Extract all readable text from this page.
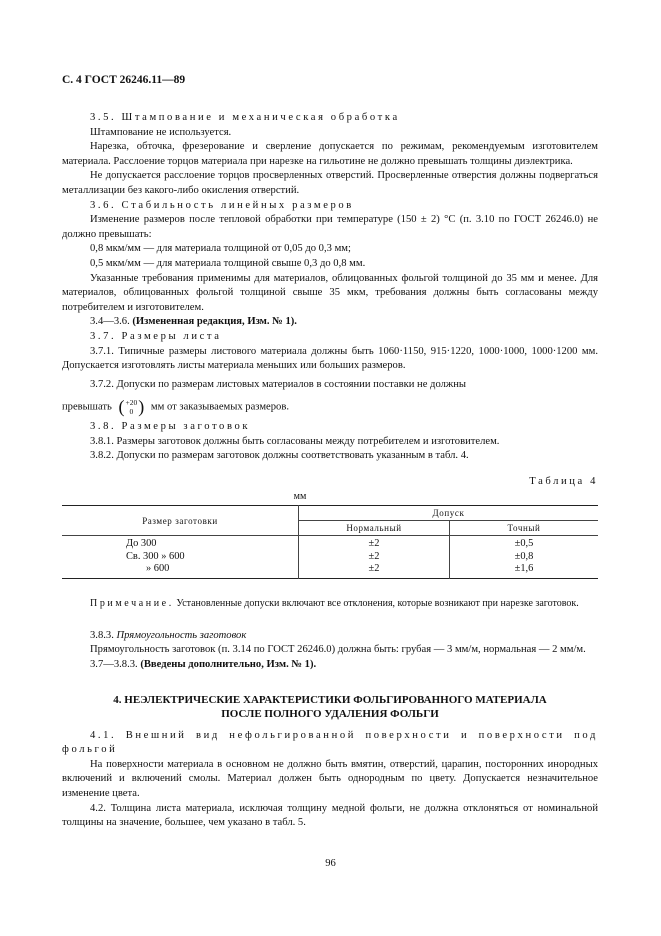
С. 4 ГОСТ 26246.11—89

3.5. Штампование и механическая обработка

Штампование не используется.

Нарезка, обточка, фрезерование и сверление допускается по режимам, рекомендуемым изготовителем материала. Расслоение торцов материала при нарезке на гильотине не должно превышать толщины диэлектрика.

Не допускается расслоение торцов просверленных отверстий. Просверленные отверстия должны подвергаться металлизации без какого-либо окисления отверстий.

3.6. Стабильность линейных размеров

Изменение размеров после тепловой обработки при температуре (150 ± 2) °С (п. 3.10 по ГОСТ 26246.0) не должно превышать:

0,8 мкм/мм — для материала толщиной от 0,05 до 0,3 мм;

0,5 мкм/мм — для материала толщиной свыше 0,3 до 0,8 мм.

Указанные требования применимы для материалов, облицованных фольгой толщиной до 35 мм и менее. Для материалов, облицованных фольгой толщиной свыше 35 мкм, требования должны быть согласованы между потребителем и изготовителем.

3.4—3.6. (Измененная редакция, Изм. № 1).

3.7. Размеры листа

3.7.1. Типичные размеры листового материала должны быть 1060·1150, 915·1220, 1000·1000, 1000·1200 мм. Допускается изготовлять листы материала меньших или больших размеров.

3.7.2. Допуски по размерам листовых материалов в состоянии поставки не должны

превышать (+20
0 ) мм от заказываемых размеров.

3.8. Размеры заготовок

3.8.1. Размеры заготовок должны быть согласованы между потребителем и изготовителем.

3.8.2. Допуски по размерам заготовок должны соответствовать указанным в табл. 4.

Таблица 4
мм
Размер заготовки	Допуск	
	Нормальный	Точный
До 300	±2	±0,5
Св. 300 » 600	±2	±0,8
» 600	±2	±1,6

Примечание. Установленные допуски включают все отклонения, которые возникают при нарезке заготовок.

3.8.3. Прямоугольность заготовок

Прямоугольность заготовок (п. 3.14 по ГОСТ 26246.0) должна быть: грубая — 3 мм/м, нормальная — 2 мм/м.

3.7—3.8.3. (Введены дополнительно, Изм. № 1).

4. НЕЭЛЕКТРИЧЕСКИЕ ХАРАКТЕРИСТИКИ ФОЛЬГИРОВАННОГО МАТЕРИАЛА
ПОСЛЕ ПОЛНОГО УДАЛЕНИЯ ФОЛЬГИ

4.1. Внешний вид нефольгированной поверхности и поверхности под фольгой

На поверхности материала в основном не должно быть вмятин, отверстий, царапин, посторонних инородных включений и включений смолы. Материал должен быть однородным по цвету. Допускается незначительное изменение цвета.

4.2. Толщина листа материала, исключая толщину медной фольги, не должна отклоняться от номинальной толщины на значение, большее, чем указано в табл. 5.

96
